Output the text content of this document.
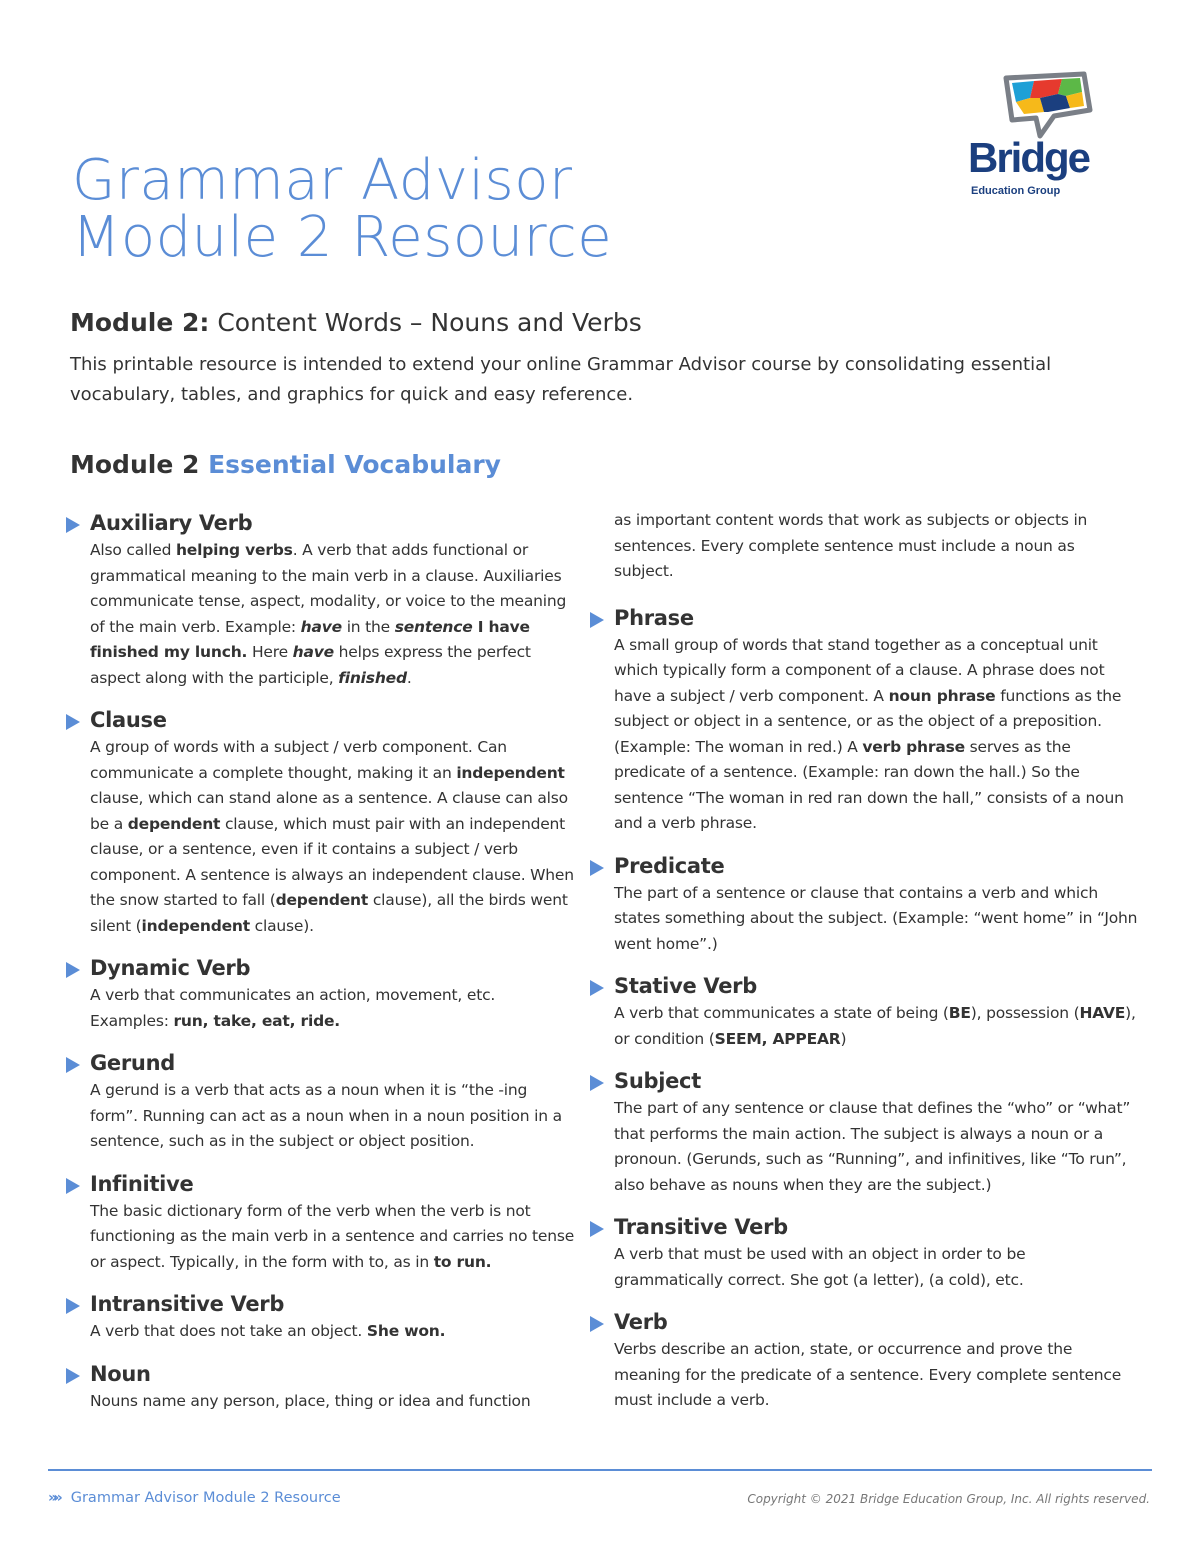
Grammar Advisor
Module 2 Resource
Bridge
Education Group
Module 2: Content Words – Nouns and Verbs
This printable resource is intended to extend your online Grammar Advisor course by consolidating essential vocabulary, tables, and graphics for quick and easy reference.
Module 2 Essential Vocabulary
Auxiliary Verb
Also called helping verbs. A verb that adds functional or grammatical meaning to the main verb in a clause. Auxiliaries communicate tense, aspect, modality, or voice to the meaning of the main verb. Example: have in the sentence I have finished my lunch. Here have helps express the perfect aspect along with the participle, finished.
Clause
A group of words with a subject / verb component. Can communicate a complete thought, making it an independent clause, which can stand alone as a sentence. A clause can also be a dependent clause, which must pair with an independent clause, or a sentence, even if it contains a subject / verb component. A sentence is always an independent clause. When the snow started to fall (dependent clause), all the birds went silent (independent clause).
Dynamic Verb
A verb that communicates an action, movement, etc. Examples: run, take, eat, ride.
Gerund
A gerund is a verb that acts as a noun when it is “the -ing form”. Running can act as a noun when in a noun position in a sentence, such as in the subject or object position.
Infinitive
The basic dictionary form of the verb when the verb is not functioning as the main verb in a sentence and carries no tense or aspect. Typically, in the form with to, as in to run.
Intransitive Verb
A verb that does not take an object. She won.
Noun
Nouns name any person, place, thing or idea and function
as important content words that work as subjects or objects in sentences. Every complete sentence must include a noun as subject.
Phrase
A small group of words that stand together as a conceptual unit which typically form a component of a clause. A phrase does not have a subject / verb component. A noun phrase functions as the subject or object in a sentence, or as the object of a preposition. (Example: The woman in red.) A verb phrase serves as the predicate of a sentence. (Example: ran down the hall.) So the sentence “The woman in red ran down the hall,” consists of a noun and a verb phrase.
Predicate
The part of a sentence or clause that contains a verb and which states something about the subject. (Example: “went home” in “John went home”.)
Stative Verb
A verb that communicates a state of being (BE), possession (HAVE), or condition (SEEM, APPEAR)
Subject
The part of any sentence or clause that defines the “who” or “what” that performs the main action. The subject is always a noun or a pronoun. (Gerunds, such as “Running”, and infinitives, like “To run”, also behave as nouns when they are the subject.)
Transitive Verb
A verb that must be used with an object in order to be grammatically correct. She got (a letter), (a cold), etc.
Verb
Verbs describe an action, state, or occurrence and prove the meaning for the predicate of a sentence. Every complete sentence must include a verb.
»» Grammar Advisor Module 2 Resource	Copyright © 2021 Bridge Education Group, Inc. All rights reserved.
